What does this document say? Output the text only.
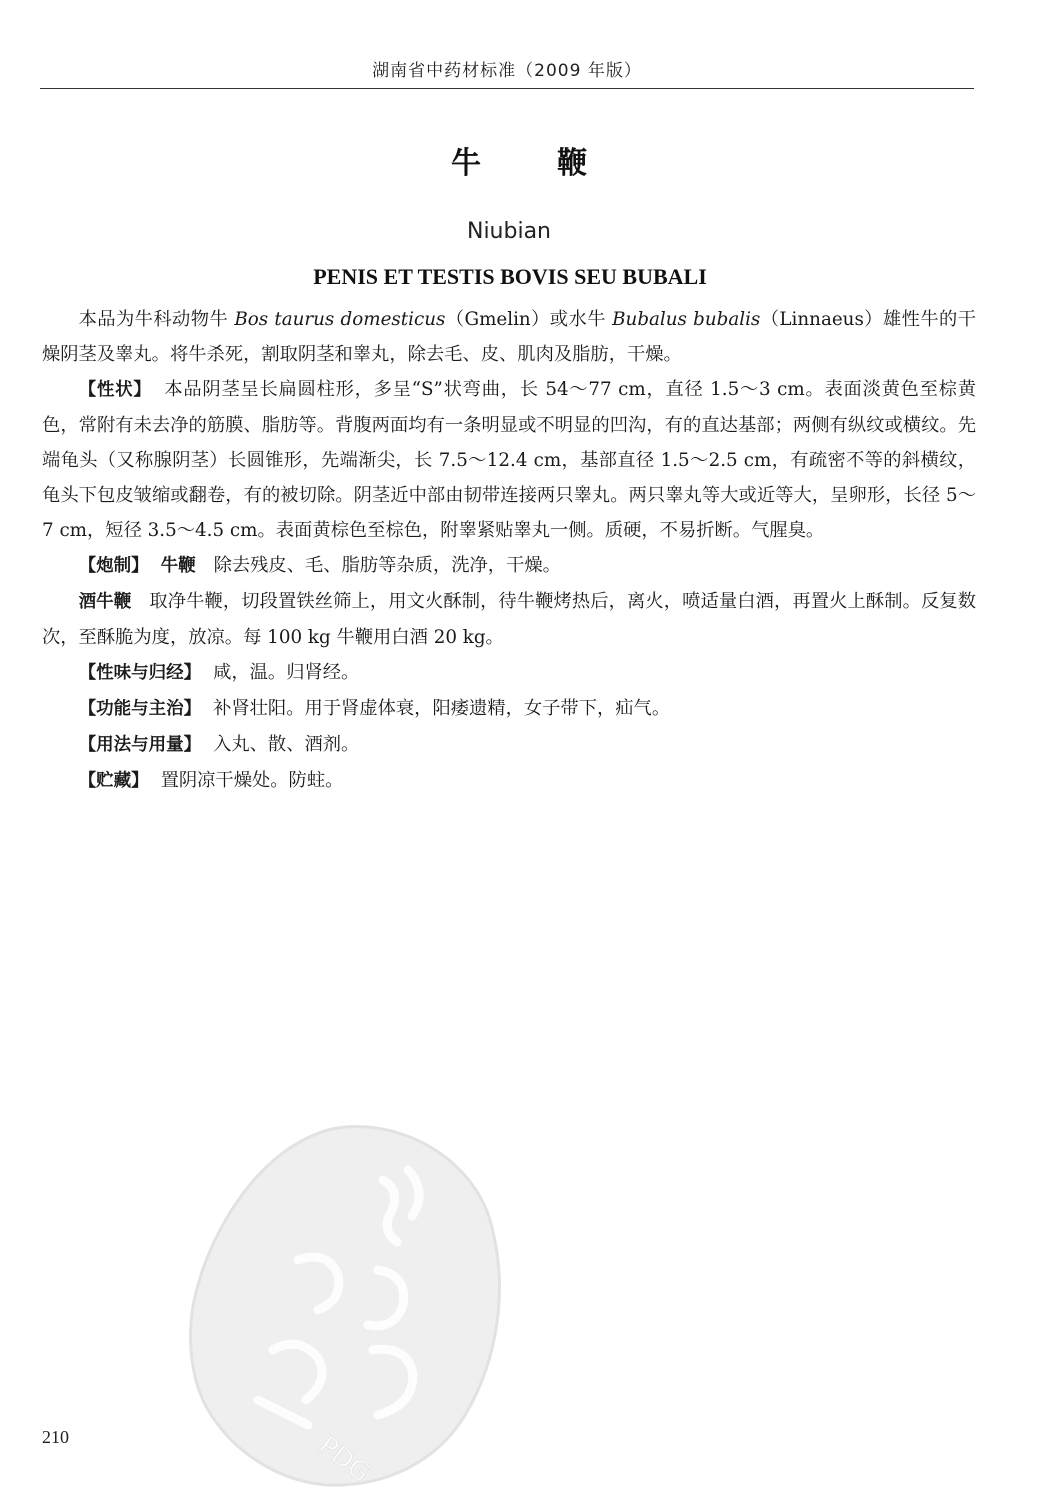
湖南省中药材标准（2009 年版）
牛	鞭
Niubian
PENIS ET TESTIS BOVIS SEU BUBALI

本品为牛科动物牛 Bos taurus domesticus（Gmelin）或水牛 Bubalus bubalis（Linnaeus）雄性牛的干燥阴茎及睾丸。将牛杀死，割取阴茎和睾丸，除去毛、皮、肌肉及脂肪，干燥。

【性状】 本品阴茎呈长扁圆柱形，多呈“S”状弯曲，长 54～77 cm，直径 1.5～3 cm。表面淡黄色至棕黄色，常附有未去净的筋膜、脂肪等。背腹两面均有一条明显或不明显的凹沟，有的直达基部；两侧有纵纹或横纹。先端龟头（又称腺阴茎）长圆锥形，先端渐尖，长 7.5～12.4 cm，基部直径 1.5～2.5 cm，有疏密不等的斜横纹，龟头下包皮皱缩或翻卷，有的被切除。阴茎近中部由韧带连接两只睾丸。两只睾丸等大或近等大，呈卵形，长径 5～7 cm，短径 3.5～4.5 cm。表面黄棕色至棕色，附睾紧贴睾丸一侧。质硬，不易折断。气腥臭。

【炮制】 牛鞭 除去残皮、毛、脂肪等杂质，洗净，干燥。

酒牛鞭 取净牛鞭，切段置铁丝筛上，用文火酥制，待牛鞭烤热后，离火，喷适量白酒，再置火上酥制。反复数次，至酥脆为度，放凉。每 100 kg 牛鞭用白酒 20 kg。

【性味与归经】 咸，温。归肾经。

【功能与主治】 补肾壮阳。用于肾虚体衰，阳痿遗精，女子带下，疝气。

【用法与用量】 入丸、散、酒剂。

【贮藏】 置阴凉干燥处。防蛀。

PDG
210
